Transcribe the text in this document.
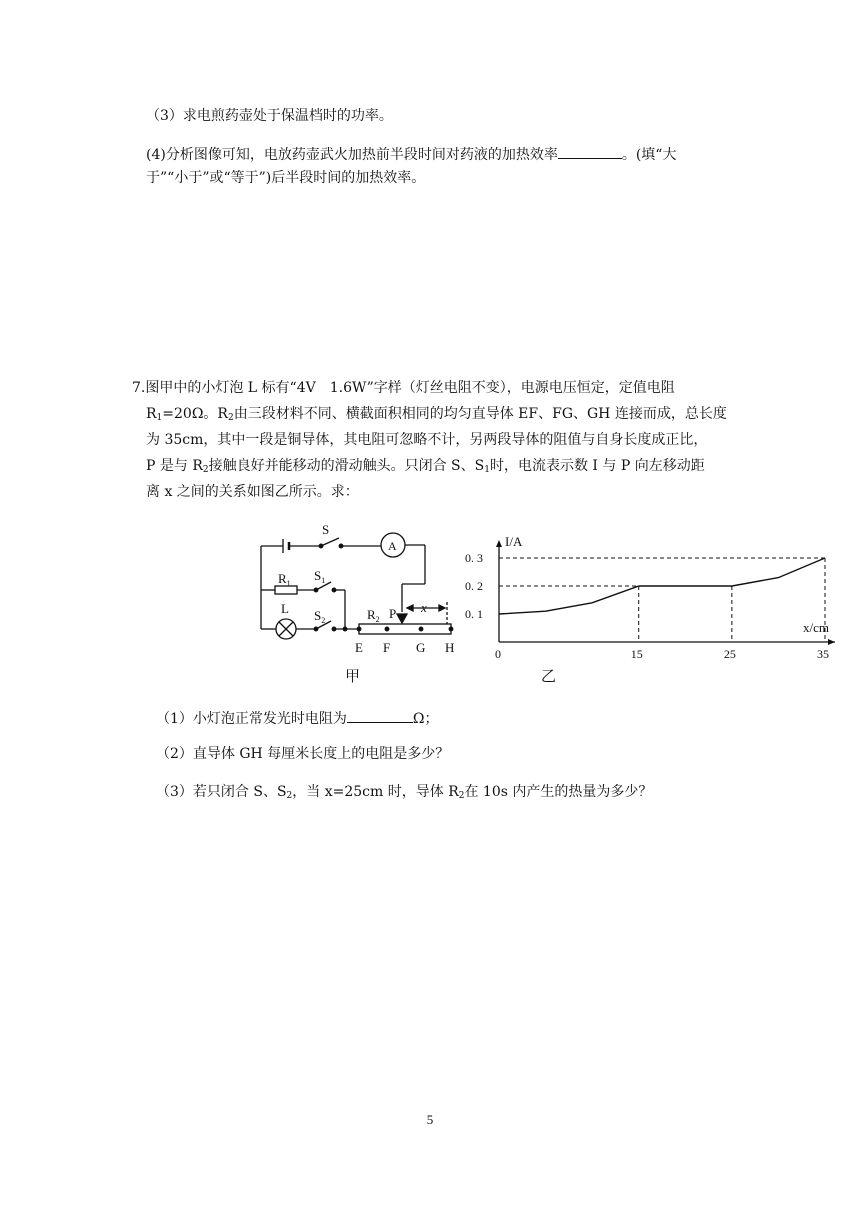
（3）求电煎药壶处于保温档时的功率。
(4)分析图像可知，电放药壶武火加热前半段时间对药液的加热效率	。(填“大
于”“小于”或“等于”)后半段时间的加热效率。
7.图甲中的小灯泡 L 标有“4V　1.6W”字样（灯丝电阻不变），电源电压恒定，定值电阻
$R_1=20\Omega$。$R_2$由三段材料不同、横截面积相同的均匀直导体 EF、FG、GH 连接而成，总长度
为 35cm，其中一段是铜导体，其电阻可忽略不计，另两段导体的阻值与自身长度成正比，
P 是与 $R_2$接触良好并能移动的滑动触头。只闭合 S、$S_1$时，电流表示数 I 与 P 向左移动距
离 x 之间的关系如图乙所示。求：
S
A
$R_1$
$S_1$
L $S_2$	$R_2$ P x
E F G H
甲
I/A
x/cm
0	15	25	35
0. 1
0. 2
0. 3
乙
（1）小灯泡正常发光时电阻为	Ω；
（2）直导体 GH 每厘米长度上的电阻是多少？
（3）若只闭合 S、$S_2$，当 x=25cm 时，导体 $R_2$在 10s 内产生的热量为多少？
5
